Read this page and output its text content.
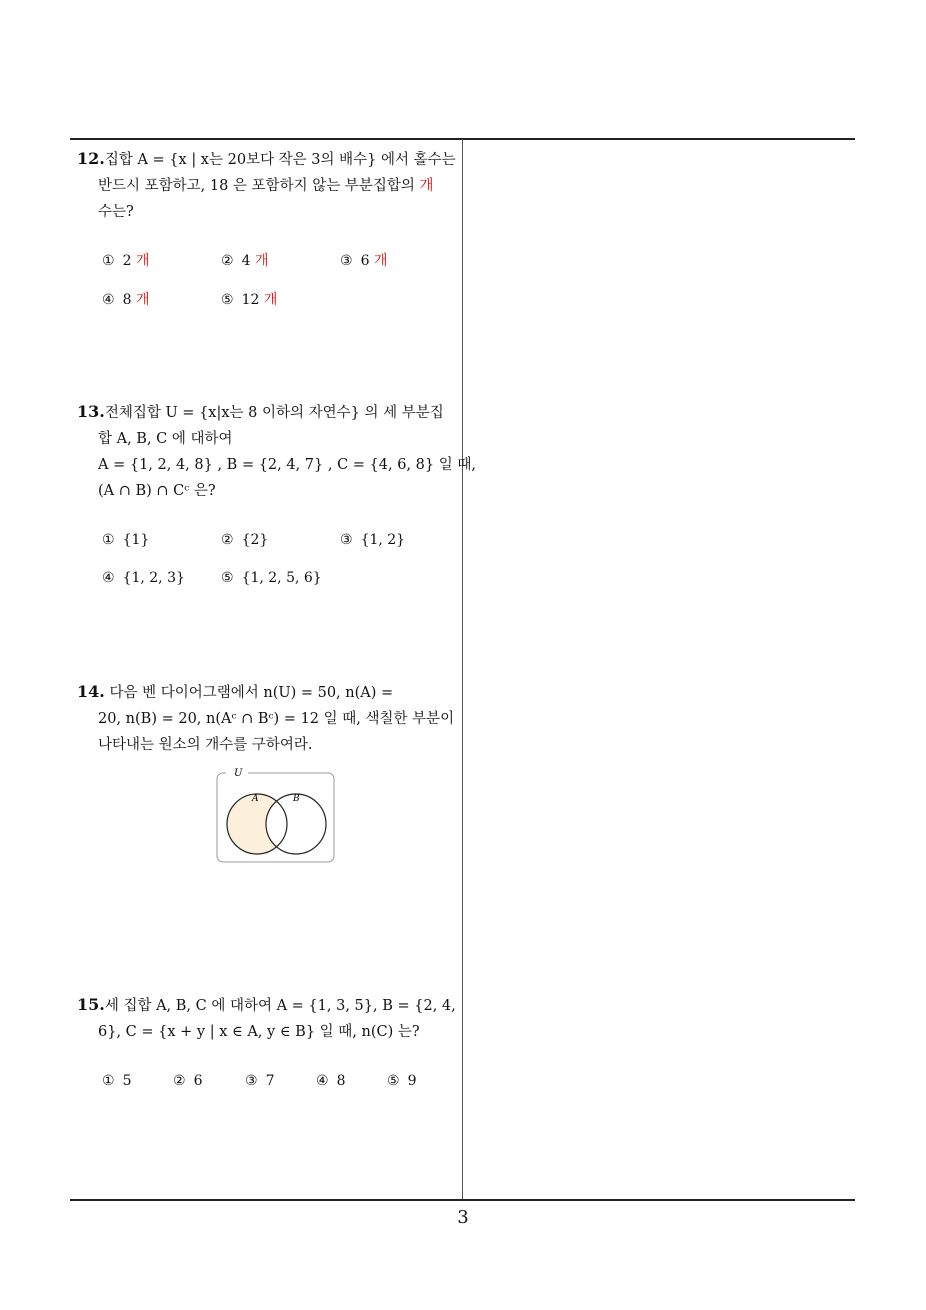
12.집합 A = {x | x는 20보다 작은 3의 배수} 에서 홀수는
반드시 포함하고, 18 은 포함하지 않는 부분집합의 개
수는?
① 2 개	② 4 개	③ 6 개
④ 8 개	⑤ 12 개
13.전체집합 U = {x|x는 8 이하의 자연수} 의 세 부분집
합 A, B, C 에 대하여
A = {1, 2, 4, 8} , B = {2, 4, 7} , C = {4, 6, 8} 일 때,
(A ∩ B) ∩ Cᶜ 은?
① {1}	② {2}	③ {1, 2}
④ {1, 2, 3}	⑤ {1, 2, 5, 6}
14. 다음 벤 다이어그램에서 n(U) = 50, n(A) =
20, n(B) = 20, n(Aᶜ ∩ Bᶜ) = 12 일 때, 색칠한 부분이
나타내는 원소의 개수를 구하여라.
U
A	B
15.세 집합 A, B, C 에 대하여 A = {1, 3, 5}, B = {2, 4,
6}, C = {x + y | x ∈ A, y ∈ B} 일 때, n(C) 는?
① 5	② 6	③ 7	④ 8	⑤ 9
3
